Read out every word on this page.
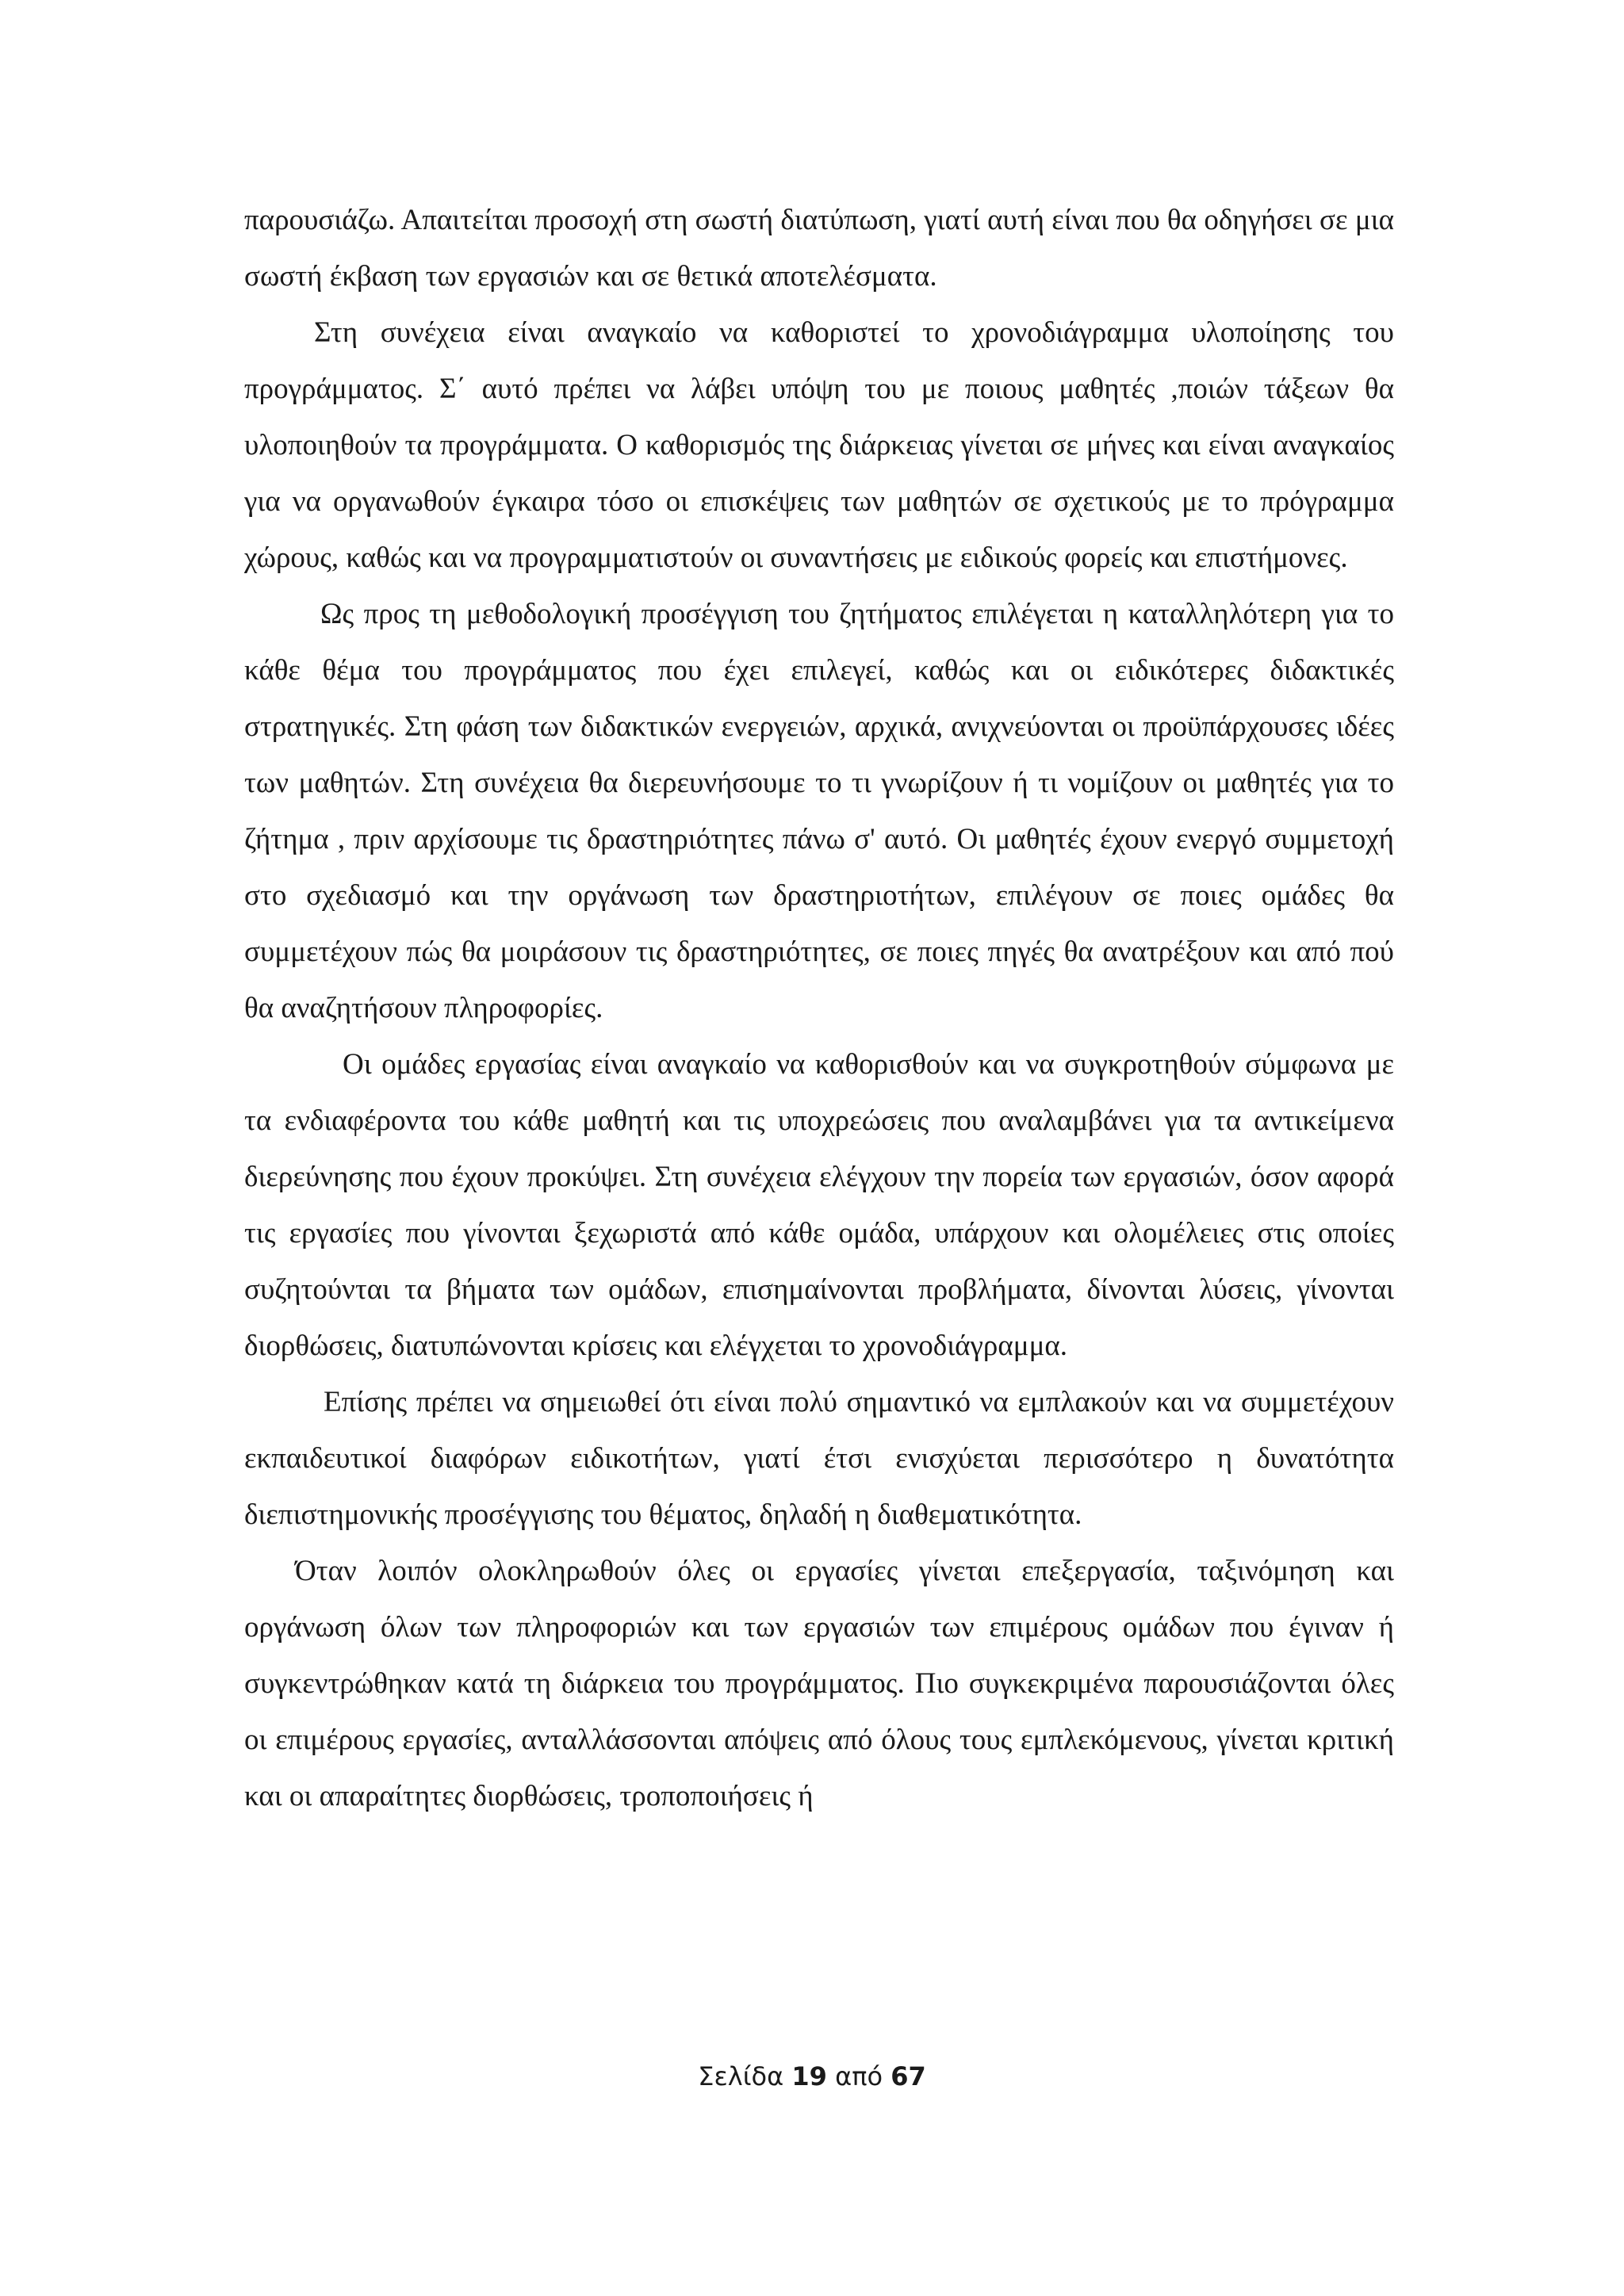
παρουσιάζω. Απαιτείται προσοχή στη σωστή διατύπωση, γιατί αυτή είναι που θα οδηγήσει σε μια σωστή έκβαση των εργασιών και σε θετικά αποτελέσματα.

Στη συνέχεια είναι αναγκαίο να καθοριστεί το χρονοδιάγραμμα υλοποίησης του προγράμματος. Σ΄ αυτό πρέπει να λάβει υπόψη του με ποιους μαθητές ,ποιών τάξεων θα υλοποιηθούν τα προγράμματα. Ο καθορισμός της διάρκειας γίνεται σε μήνες και είναι αναγκαίος για να οργανωθούν έγκαιρα τόσο οι επισκέψεις των μαθητών σε σχετικούς με το πρόγραμμα χώρους, καθώς και να προγραμματιστούν οι συναντήσεις με ειδικούς φορείς και επιστήμονες.

Ως προς τη μεθοδολογική προσέγγιση του ζητήματος επιλέγεται η καταλληλότερη για το κάθε θέμα του προγράμματος που έχει επιλεγεί, καθώς και οι ειδικότερες διδακτικές στρατηγικές. Στη φάση των διδακτικών ενεργειών, αρχικά, ανιχνεύονται οι προϋπάρχουσες ιδέες των μαθητών. Στη συνέχεια θα διερευνήσουμε το τι γνωρίζουν ή τι νομίζουν οι μαθητές για το ζήτημα , πριν αρχίσουμε τις δραστηριότητες πάνω σ' αυτό. Οι μαθητές έχουν ενεργό συμμετοχή στο σχεδιασμό και την οργάνωση των δραστηριοτήτων, επιλέγουν σε ποιες ομάδες θα συμμετέχουν πώς θα μοιράσουν τις δραστηριότητες, σε ποιες πηγές θα ανατρέξουν και από πού θα αναζητήσουν πληροφορίες.

Οι ομάδες εργασίας είναι αναγκαίο να καθορισθούν και να συγκροτηθούν σύμφωνα με τα ενδιαφέροντα του κάθε μαθητή και τις υποχρεώσεις που αναλαμβάνει για τα αντικείμενα διερεύνησης που έχουν προκύψει. Στη συνέχεια ελέγχουν την πορεία των εργασιών, όσον αφορά τις εργασίες που γίνονται ξεχωριστά από κάθε ομάδα, υπάρχουν και ολομέλειες στις οποίες συζητούνται τα βήματα των ομάδων, επισημαίνονται προβλήματα, δίνονται λύσεις, γίνονται διορθώσεις, διατυπώνονται κρίσεις και ελέγχεται το χρονοδιάγραμμα.

Επίσης πρέπει να σημειωθεί ότι είναι πολύ σημαντικό να εμπλακούν και να συμμετέχουν εκπαιδευτικοί διαφόρων ειδικοτήτων, γιατί έτσι ενισχύεται περισσότερο η δυνατότητα διεπιστημονικής προσέγγισης του θέματος, δηλαδή η διαθεματικότητα.

Όταν λοιπόν ολοκληρωθούν όλες οι εργασίες γίνεται επεξεργασία, ταξινόμηση και οργάνωση όλων των πληροφοριών και των εργασιών των επιμέρους ομάδων που έγιναν ή συγκεντρώθηκαν κατά τη διάρκεια του προγράμματος. Πιο συγκεκριμένα παρουσιάζονται όλες οι επιμέρους εργασίες, ανταλλάσσονται απόψεις από όλους τους εμπλεκόμενους, γίνεται κριτική και οι απαραίτητες διορθώσεις, τροποποιήσεις ή

Σελίδα 19 από 67
